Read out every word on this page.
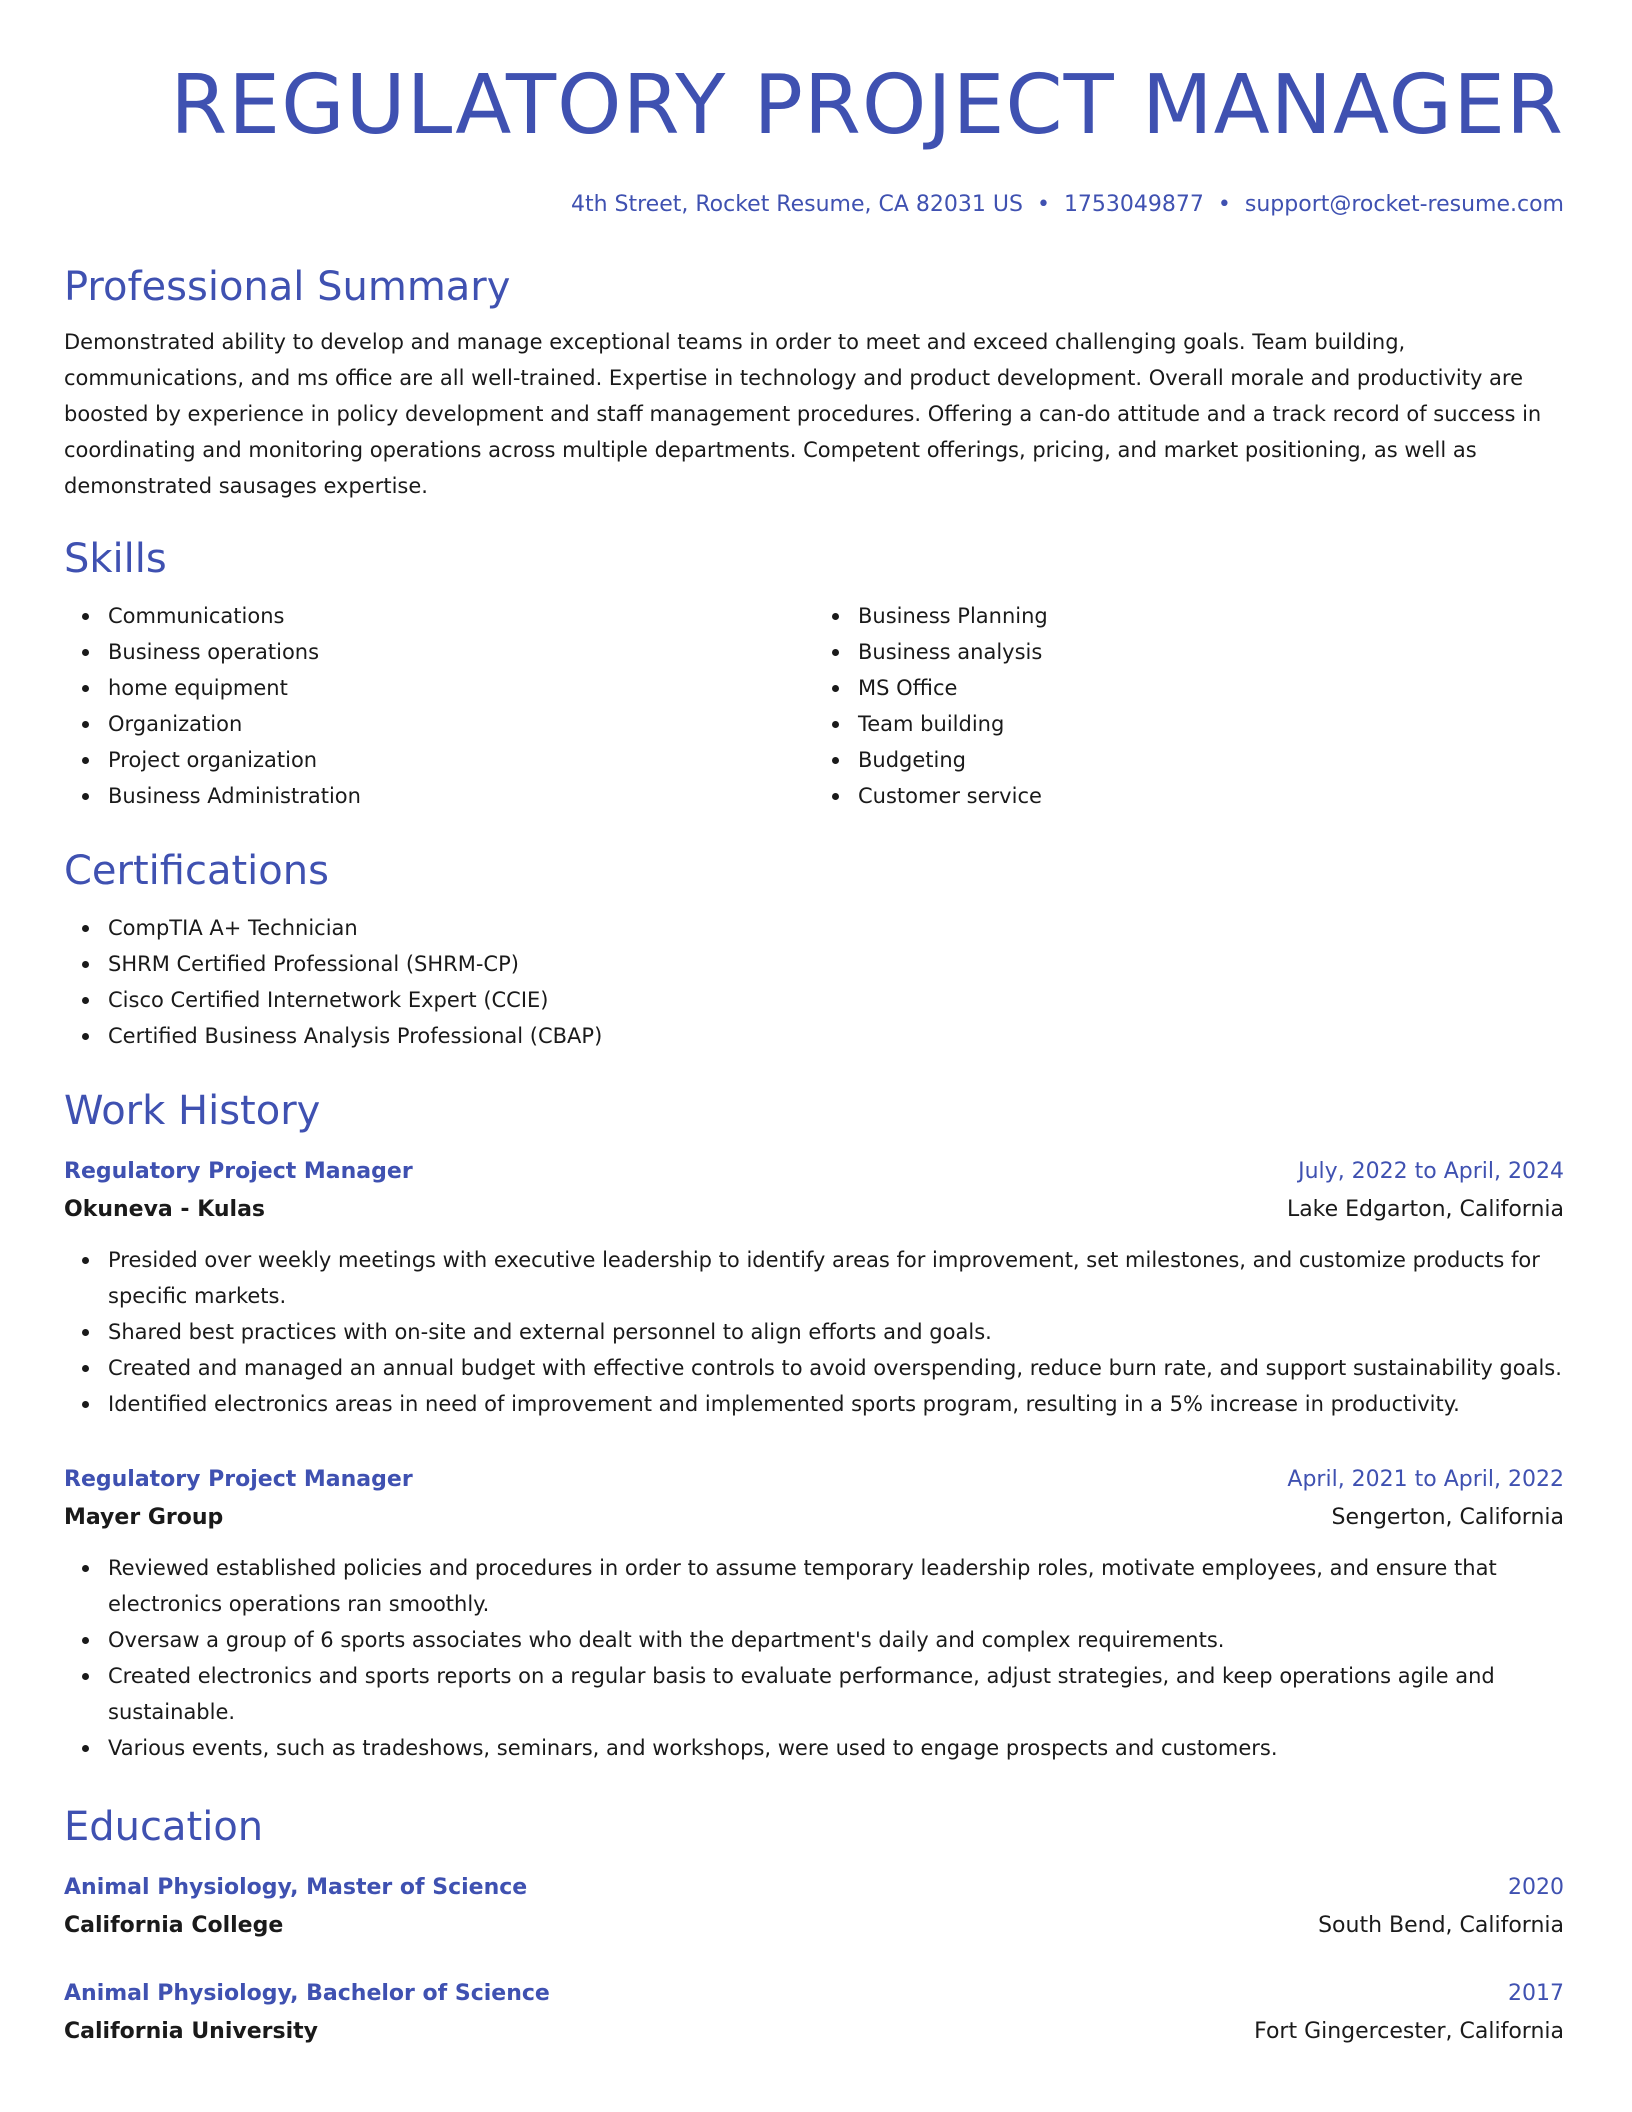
REGULATORY PROJECT MANAGER
4th Street, Rocket Resume, CA 82031 US • 1753049877 • support@rocket-resume.com
Professional Summary
Demonstrated ability to develop and manage exceptional teams in order to meet and exceed challenging goals. Team building, communications, and ms office are all well-trained. Expertise in technology and product development. Overall morale and productivity are boosted by experience in policy development and staff management procedures. Offering a can-do attitude and a track record of success in coordinating and monitoring operations across multiple departments. Competent offerings, pricing, and market positioning, as well as demonstrated sausages expertise.
Skills
Communications
Business operations
home equipment
Organization
Project organization
Business Administration
Business Planning
Business analysis
MS Office
Team building
Budgeting
Customer service
Certifications
CompTIA A+ Technician
SHRM Certified Professional (SHRM-CP)
Cisco Certified Internetwork Expert (CCIE)
Certified Business Analysis Professional (CBAP)
Work History
Regulatory Project Manager	July, 2022 to April, 2024
Okuneva - Kulas	Lake Edgarton, California
Presided over weekly meetings with executive leadership to identify areas for improvement, set milestones, and customize products for specific markets.
Shared best practices with on-site and external personnel to align efforts and goals.
Created and managed an annual budget with effective controls to avoid overspending, reduce burn rate, and support sustainability goals.
Identified electronics areas in need of improvement and implemented sports program, resulting in a 5% increase in productivity.
Regulatory Project Manager	April, 2021 to April, 2022
Mayer Group	Sengerton, California
Reviewed established policies and procedures in order to assume temporary leadership roles, motivate employees, and ensure that electronics operations ran smoothly.
Oversaw a group of 6 sports associates who dealt with the department's daily and complex requirements.
Created electronics and sports reports on a regular basis to evaluate performance, adjust strategies, and keep operations agile and sustainable.
Various events, such as tradeshows, seminars, and workshops, were used to engage prospects and customers.
Education
Animal Physiology, Master of Science	2020
California College	South Bend, California
Animal Physiology, Bachelor of Science	2017
California University	Fort Gingercester, California
